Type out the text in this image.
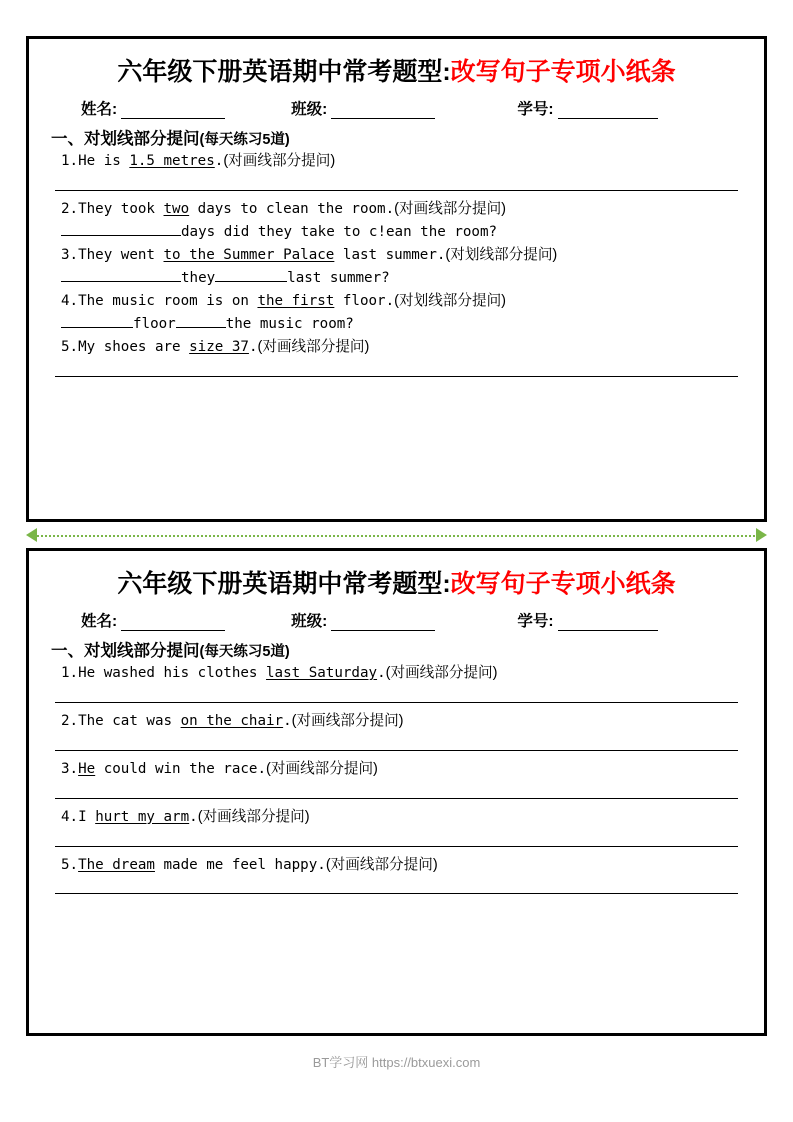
六年级下册英语期中常考题型:改写句子专项小纸条
姓名:	班级:	学号:
一、对划线部分提问(每天练习5道)
1.He is 1.5 metres.(对画线部分提问)
2.They took two days to clean the room.(对画线部分提问)
days did they take to c!ean the room?
3.They went to the Summer Palace last summer.(对划线部分提问)
they	last summer?
4.The music room is on the first floor.(对划线部分提问)
floor	the music room?
5.My shoes are size 37.(对画线部分提问)
六年级下册英语期中常考题型:改写句子专项小纸条
姓名:	班级:	学号:
一、对划线部分提问(每天练习5道)
1.He washed his clothes last Saturday.(对画线部分提问)
2.The cat was on the chair.(对画线部分提问)
3.He could win the race.(对画线部分提问)
4.I hurt my arm.(对画线部分提问)
5.The dream made me feel happy.(对画线部分提问)
BT学习网 https://btxuexi.com
